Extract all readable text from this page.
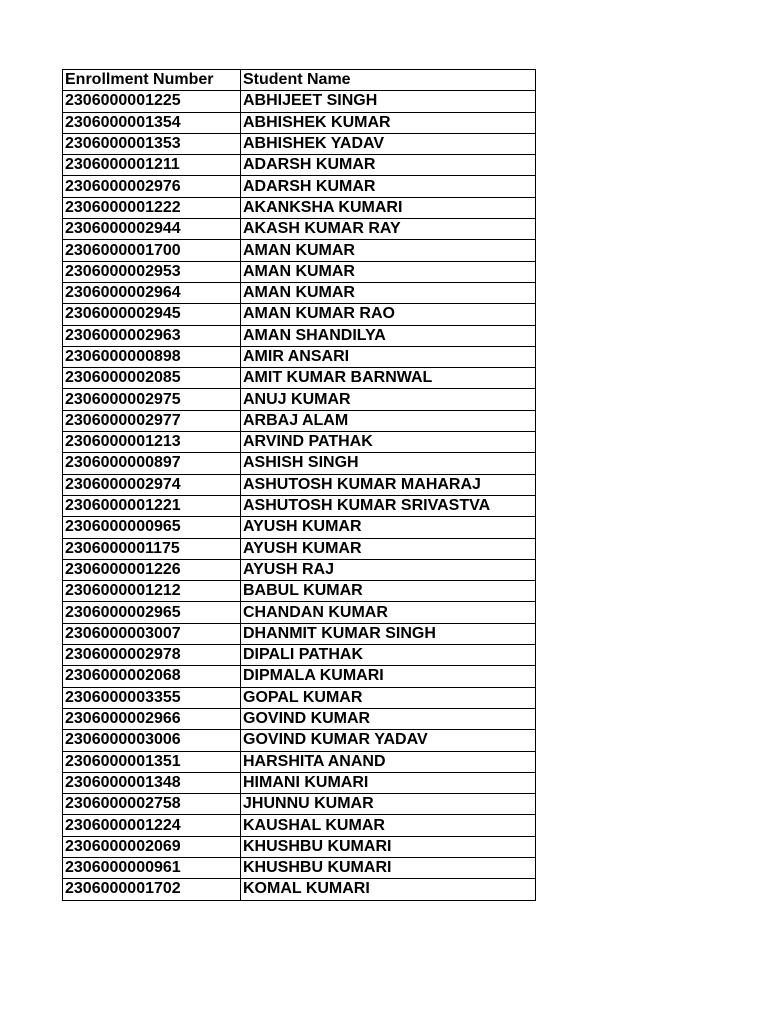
Enrollment Number	Student Name
2306000001225	ABHIJEET SINGH
2306000001354	ABHISHEK KUMAR
2306000001353	ABHISHEK YADAV
2306000001211	ADARSH KUMAR
2306000002976	ADARSH KUMAR
2306000001222	AKANKSHA KUMARI
2306000002944	AKASH KUMAR RAY
2306000001700	AMAN KUMAR
2306000002953	AMAN KUMAR
2306000002964	AMAN KUMAR
2306000002945	AMAN KUMAR RAO
2306000002963	AMAN SHANDILYA
2306000000898	AMIR ANSARI
2306000002085	AMIT KUMAR BARNWAL
2306000002975	ANUJ KUMAR
2306000002977	ARBAJ ALAM
2306000001213	ARVIND PATHAK
2306000000897	ASHISH SINGH
2306000002974	ASHUTOSH KUMAR MAHARAJ
2306000001221	ASHUTOSH KUMAR SRIVASTVA
2306000000965	AYUSH KUMAR
2306000001175	AYUSH KUMAR
2306000001226	AYUSH RAJ
2306000001212	BABUL KUMAR
2306000002965	CHANDAN KUMAR
2306000003007	DHANMIT KUMAR SINGH
2306000002978	DIPALI PATHAK
2306000002068	DIPMALA KUMARI
2306000003355	GOPAL KUMAR
2306000002966	GOVIND KUMAR
2306000003006	GOVIND KUMAR YADAV
2306000001351	HARSHITA ANAND
2306000001348	HIMANI KUMARI
2306000002758	JHUNNU KUMAR
2306000001224	KAUSHAL KUMAR
2306000002069	KHUSHBU KUMARI
2306000000961	KHUSHBU KUMARI
2306000001702	KOMAL KUMARI
